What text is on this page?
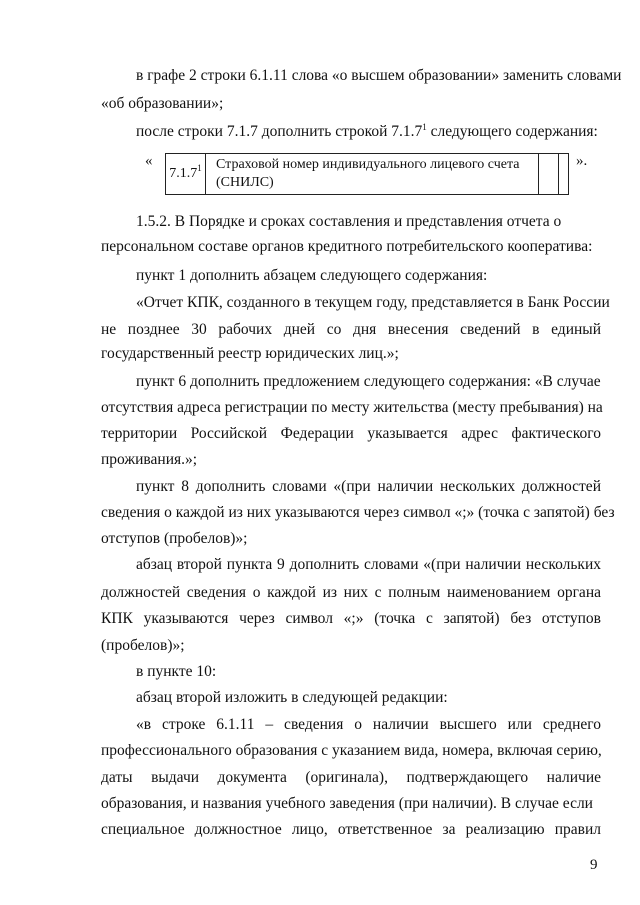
в графе 2 строки 6.1.11 слова «о высшем образовании» заменить словами
«об образовании»;
после строки 7.1.7 дополнить строкой 7.1.7$^1$ следующего содержания:
«
7.1.7$^1$	Страховой номер индивидуального лицевого счета
(СНИЛС)
».
1.5.2. В Порядке и сроках составления и представления отчета о
персональном составе органов кредитного потребительского кооператива:
пункт 1 дополнить абзацем следующего содержания:
«Отчет КПК, созданного в текущем году, представляется в Банк России
не позднее 30 рабочих дней со дня внесения сведений в единый
государственный реестр юридических лиц.»;
пункт 6 дополнить предложением следующего содержания: «В случае
отсутствия адреса регистрации по месту жительства (месту пребывания) на
территории Российской Федерации указывается адрес фактического
проживания.»;
пункт 8 дополнить словами «(при наличии нескольких должностей
сведения о каждой из них указываются через символ «;» (точка с запятой) без
отступов (пробелов)»;
абзац второй пункта 9 дополнить словами «(при наличии нескольких
должностей сведения о каждой из них с полным наименованием органа
КПК указываются через символ «;» (точка с запятой) без отступов
(пробелов)»;
в пункте 10:
абзац второй изложить в следующей редакции:
«в строке 6.1.11 – сведения о наличии высшего или среднего
профессионального образования с указанием вида, номера, включая серию,
даты выдачи документа (оригинала), подтверждающего наличие
образования, и названия учебного заведения (при наличии). В случае если
специальное должностное лицо, ответственное за реализацию правил
9
